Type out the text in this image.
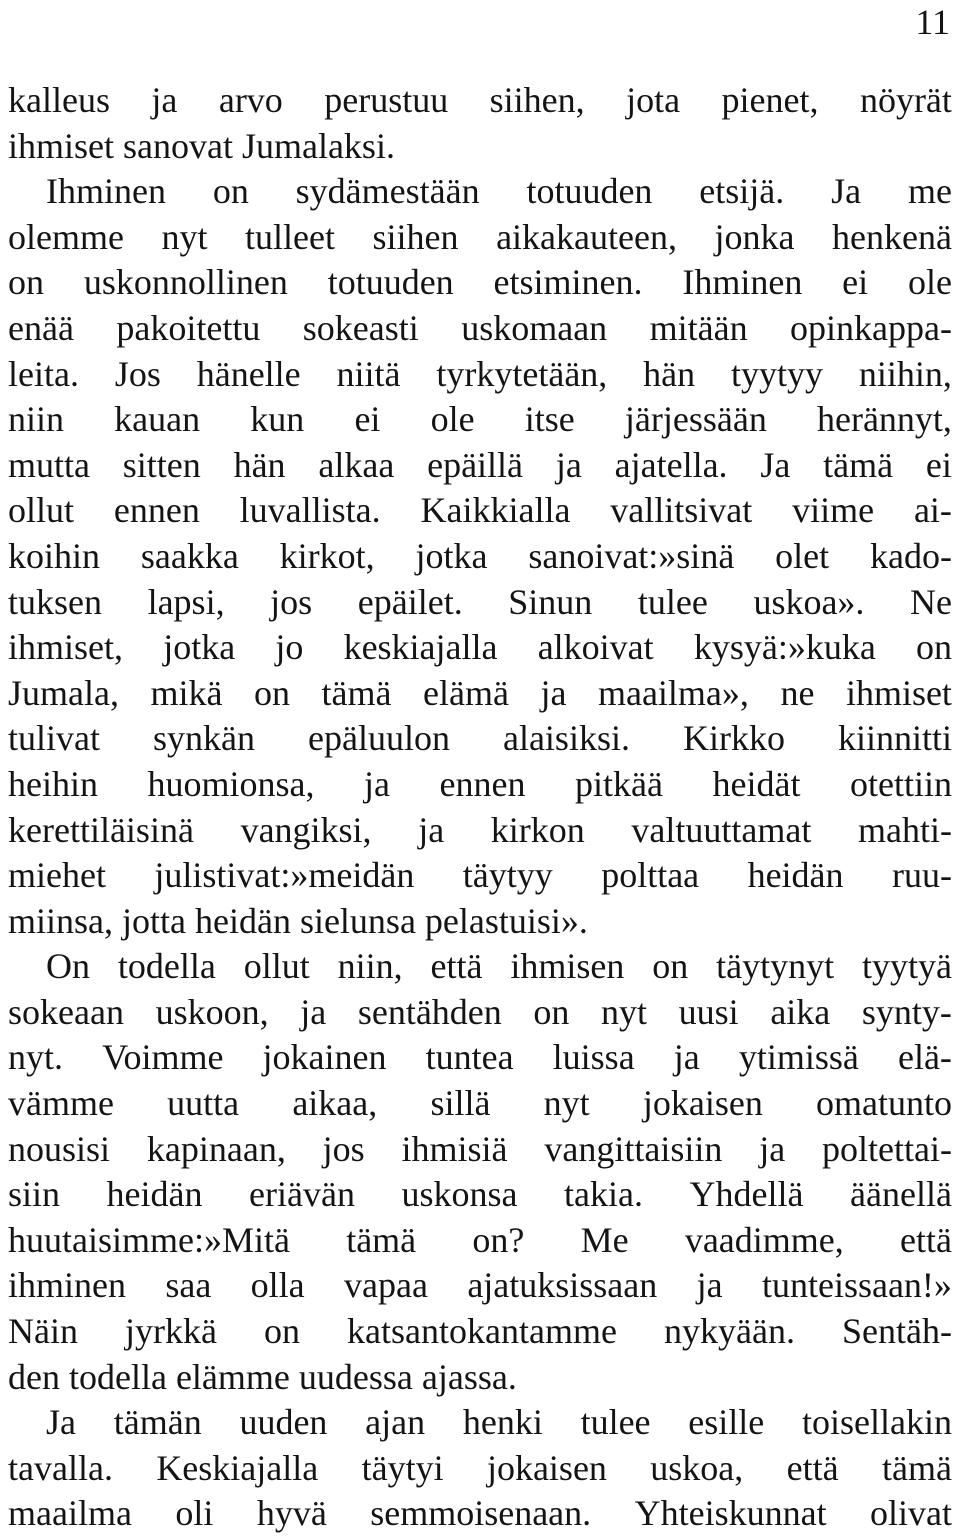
11
kalleus ja arvo perustuu siihen, jota pienet, nöyrät
ihmiset sanovat Jumalaksi.
Ihminen on sydämestään totuuden etsijä. Ja me
olemme nyt tulleet siihen aikakauteen, jonka henkenä
on uskonnollinen totuuden etsiminen. Ihminen ei ole
enää pakoitettu sokeasti uskomaan mitään opinkappa-
leita. Jos hänelle niitä tyrkytetään, hän tyytyy niihin,
niin kauan kun ei ole itse järjessään herännyt,
mutta sitten hän alkaa epäillä ja ajatella. Ja tämä ei
ollut ennen luvallista. Kaikkialla vallitsivat viime ai-
koihin saakka kirkot, jotka sanoivat:»sinä olet kado-
tuksen lapsi, jos epäilet. Sinun tulee uskoa». Ne
ihmiset, jotka jo keskiajalla alkoivat kysyä:»kuka on
Jumala, mikä on tämä elämä ja maailma», ne ihmiset
tulivat synkän epäluulon alaisiksi. Kirkko kiinnitti
heihin huomionsa, ja ennen pitkää heidät otettiin
kerettiläisinä vangiksi, ja kirkon valtuuttamat mahti-
miehet julistivat:»meidän täytyy polttaa heidän ruu-
miinsa, jotta heidän sielunsa pelastuisi».
On todella ollut niin, että ihmisen on täytynyt tyytyä
sokeaan uskoon, ja sentähden on nyt uusi aika synty-
nyt. Voimme jokainen tuntea luissa ja ytimissä elä-
vämme uutta aikaa, sillä nyt jokaisen omatunto
nousisi kapinaan, jos ihmisiä vangittaisiin ja poltettai-
siin heidän eriävän uskonsa takia. Yhdellä äänellä
huutaisimme:»Mitä tämä on? Me vaadimme, että
ihminen saa olla vapaa ajatuksissaan ja tunteissaan!»
Näin jyrkkä on katsantokantamme nykyään. Sentäh-
den todella elämme uudessa ajassa.
Ja tämän uuden ajan henki tulee esille toisellakin
tavalla. Keskiajalla täytyi jokaisen uskoa, että tämä
maailma oli hyvä semmoisenaan. Yhteiskunnat olivat
